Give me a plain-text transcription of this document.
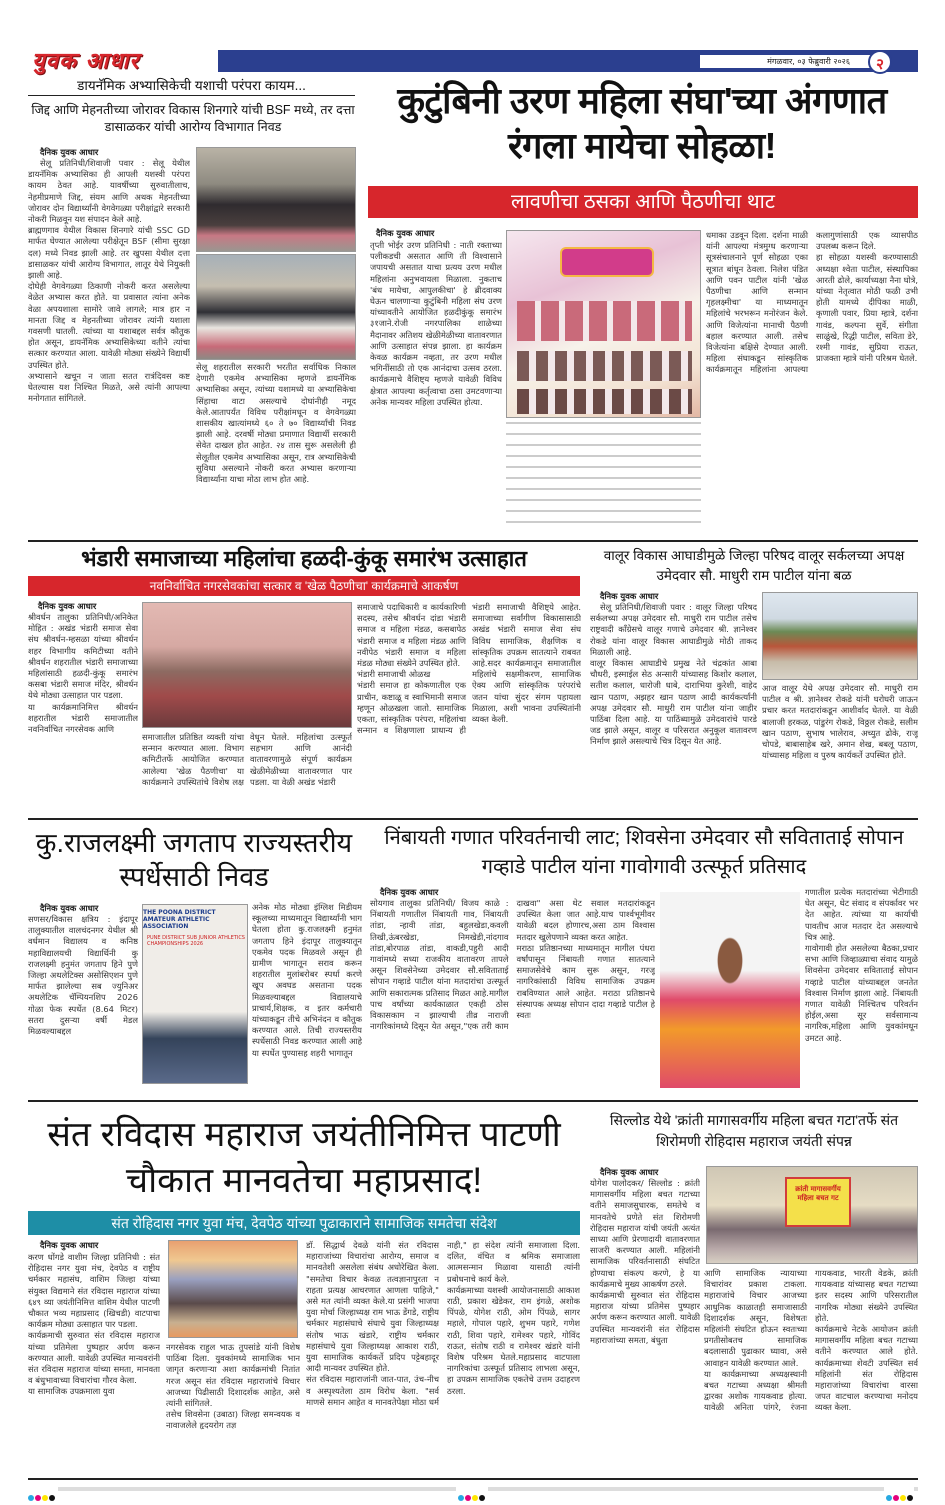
युवक आधार	मंगळवार, ०३ फेब्रुवारी २०२६	२
डायनॅमिक अभ्यासिकेची यशाची परंपरा कायम...
जिद्द आणि मेहनतीच्या जोरावर विकास शिनगारे यांची BSF मध्ये, तर दत्ता डासाळकर यांची आरोग्य विभागात निवड
दैनिक युवक आधार
सेलू प्रतिनिधी/शिवाजी पवार : सेलू येथील डायनॅमिक अभ्यासिका ही आपली यशस्वी परंपरा कायम ठेवत आहे. यावर्षीच्या सुरुवातीलाच, नेहमीप्रमाणे जिद्द, संयम आणि अथक मेहनतीच्या जोरावर दोन विद्यार्थ्यांनी वेगवेगळ्या परीक्षांद्वारे सरकारी नोकरी मिळवून यश संपादन केले आहे.
ब्राह्मणगाव येथील विकास शिनगारे यांची SSC GD मार्फत घेण्यात आलेल्या परीक्षेतून BSF (सीमा सुरक्षा दल) मध्ये निवड झाली आहे. तर खुपसा येथील दत्ता डासाळकर यांची आरोग्य विभागात, लातूर येथे नियुक्ती झाली आहे.
दोघेही वेगवेगळ्या ठिकाणी नोकरी करत असलेल्या वेळेत अभ्यास करत होते. या प्रवासात त्यांना अनेक वेळा अपयशाला सामोरे जावे लागले; मात्र हार न मानता जिद्द व मेहनतीच्या जोरावर त्यांनी यशाला गवसणी घातली. त्यांच्या या यशाबद्दल सर्वत्र कौतुक होत असून, डायनॅमिक अभ्यासिकेच्या वतीने त्यांचा सत्कार करण्यात आला. यावेळी मोठ्या संख्येने विद्यार्थी उपस्थित होते.
अभ्यासाने खचून न जाता सतत रात्रंदिवस कष्ट घेतल्यास यश निश्चित मिळते, असे त्यांनी आपल्या मनोगतात सांगितले.
सेलू शहरातील सरकारी भरतीत सर्वाधिक निकाल देणारी एकमेव अभ्यासिका म्हणजे डायनॅमिक अभ्यासिका असून, त्यांच्या यशामध्ये या अभ्यासिकेचा सिंहाचा वाटा असल्याचे दोघांनीही नमूद केले.आतापर्यंत विविध परीक्षांमधून व वेगवेगळ्या शासकीय खात्यांमध्ये ६० ते ७० विद्यार्थ्यांची निवड झाली आहे. दरवर्षी मोठ्या प्रमाणात विद्यार्थी सरकारी सेवेत दाखल होत आहेत. २४ तास सुरू असलेली ही सेलूतील एकमेव अभ्यासिका असून, रात्र अभ्यासिकेची सुविधा असल्याने नोकरी करत अभ्यास करणाऱ्या विद्यार्थ्यांना याचा मोठा लाभ होत आहे.
कुटुंबिनी उरण महिला संघा'च्या अंगणात रंगला मायेचा सोहळा!
लावणीचा ठसका आणि पैठणीचा थाट
दैनिक युवक आधार
तृप्ती भोईर उरण प्रतिनिधी : नाती रक्ताच्या पलीकडची असतात आणि ती विश्वासाने जपायची असतात याचा प्रत्यय उरण मधील महिलांना अनुभवायला मिळाला. नुकताच 'बंध मायेचा, आपुलकीचा' हे ब्रीदवाक्य घेऊन चालणाऱ्या कुटुंबिनी महिला संघ उरण यांच्यावतीने आयोजित हळदीकुंकू समारंभ ३१जाने.रोजी नगरपालिका शाळेच्या मैदानावर अतिशय खेळीमेळीच्या वातावरणात आणि उत्साहात संपन्न झाला. हा कार्यक्रम केवळ कार्यक्रम नव्हता, तर उरण मधील भगिनींसाठी तो एक आनंदाचा उत्सव ठरला. कार्यक्रमाचे वैशिष्ट्य म्हणजे यावेळी विविध क्षेत्रात आपल्या कर्तृत्वाचा ठसा उमटवणाऱ्या अनेक मान्यवर महिला उपस्थित होत्या.
धमाका उडवून दिला. दर्शना माळी यांनी आपल्या मंत्रमुग्ध करणाऱ्या सूत्रसंचालनाने पूर्ण सोहळा एका सूत्रात बांधून ठेवला. निलेश पंडित आणि पवन पाटील यांनी 'खेळ पैठणीचा आणि सन्मान गृहलक्ष्मीचा' या माध्यमातून महिलांचे भरभरून मनोरंजन केले. आणि विजेत्यांना मानाची पैठणी बहाल करण्यात आली. तसेच विजेत्यांना बक्षिसे देण्यात आली. महिला संघाकडून सांस्कृतिक कार्यक्रमातून महिलांना आपल्या कलागुणांसाठी एक व्यासपीठ उपलब्ध करून दिले.
हा सोहळा यशस्वी करण्यासाठी अध्यक्षा श्वेता पाटील, संस्थापिका आरती ढोले, कार्याध्यक्षा नैना घोत्रे, यांच्या नेतृत्वात मोठी फळी उभी होती यामध्ये दीपिका माळी, कृणाली पवार, प्रिया म्हात्रे, दर्शना गावंड, कल्पना सुर्वे, संगीता साळुंखे, रिद्धी पाटील, सविता डेरे, रश्मी गावंड, सुप्रिया राऊत, प्राजक्ता म्हात्रे यांनी परिश्रम घेतले.
भंडारी समाजाच्या महिलांचा हळदी-कुंकू समारंभ उत्साहात
नवनिर्वाचित नगरसेवकांचा सत्कार व 'खेळ पैठणीचा' कार्यक्रमाचे आकर्षण
दैनिक युवक आधार
श्रीवर्धन तालुका प्रतिनिधी/अनिकेत मोहित : अखंड भंडारी समाज सेवा संघ श्रीवर्धन-म्हसळा यांच्या श्रीवर्धन शहर विभागीय कमिटीच्या वतीने श्रीवर्धन शहरातील भंडारी समाजाच्या महिलांसाठी हळदी-कुंकू समारंभ कसबा भंडारी समाज मंदिर, श्रीवर्धन येथे मोठ्या उत्साहात पार पडला.
या कार्यक्रमानिमित्त श्रीवर्धन शहरातील भंडारी समाजातील नवनिर्वाचित नगरसेवक आणि
समाजातील प्रतिष्ठित व्यक्ती यांचा सन्मान करण्यात आला. विभाग कमिटीतर्फे आयोजित करण्यात आलेल्या 'खेळ पैठणीचा' या कार्यक्रमाने उपस्थितांचे विशेष लक्ष वेधून घेतले. महिलांचा उत्स्फूर्त सहभाग आणि आनंदी वातावरणामुळे संपूर्ण कार्यक्रम खेळीमेळीच्या वातावरणात पार पडला. या वेळी अखंड भंडारी
समाजाचे पदाधिकारी व कार्यकारिणी सदस्य, तसेच श्रीवर्धन दांडा भंडारी समाज व महिला मंडळ, कसबापेठ भंडारी समाज व महिला मंडळ आणि नवीपेठ भंडारी समाज व महिला मंडळ मोठ्या संख्येने उपस्थित होते.
भंडारी समाजाची ओळख
भंडारी समाज हा कोकणातील एक प्राचीन, कष्टाळू व स्वाभिमानी समाज म्हणून ओळखला जातो. सामाजिक एकता, सांस्कृतिक परंपरा, महिलांचा सन्मान व शिक्षणाला प्राधान्य ही भंडारी समाजाची वैशिष्ट्ये आहेत. समाजाच्या सर्वांगीण विकासासाठी अखंड भंडारी समाज सेवा संघ विविध सामाजिक, शैक्षणिक व सांस्कृतिक उपक्रम सातत्याने राबवत आहे.सदर कार्यक्रमातून समाजातील महिलांचे सक्षमीकरण, सामाजिक ऐक्य आणि सांस्कृतिक परंपरांचे जतन यांचा सुंदर संगम पहायला मिळाला, अशी भावना उपस्थितांनी व्यक्त केली.
वालूर विकास आघाडीमुळे जिल्हा परिषद वालूर सर्कलच्या अपक्ष उमेदवार सौ. माधुरी राम पाटील यांना बळ
दैनिक युवक आधार
सेलू प्रतिनिधी/शिवाजी पवार : वालूर जिल्हा परिषद सर्कलच्या अपक्ष उमेदवार सौ. माधुरी राम पाटील तसेच राष्ट्रवादी काँग्रेसचे वालूर गणाचे उमेदवार श्री. ज्ञानेश्वर रोकडे यांना वालूर विकास आघाडीमुळे मोठी ताकद मिळाली आहे.
वालूर विकास आघाडीचे प्रमुख नेते चंद्रकांत आबा चौधरी, इस्माईल सेठ अन्सारी यांच्यासह किशोर कलाल, सतीश कलाल, धारोजी धाबे, दाराभिया कुरेशी, वाहेद खान पठाण, अझहर खान पठाण आदी कार्यकर्त्यांनी अपक्ष उमेदवार सौ. माधुरी राम पाटील यांना जाहीर पाठिंबा दिला आहे. या पाठिंब्यामुळे उमेदवारांचे पारडे जड झाले असून, वालूर व परिसरात अनुकूल वातावरण निर्माण झाले असल्याचे चित्र दिसून येत आहे.
आज वालूर येथे अपक्ष उमेदवार सौ. माधुरी राम पाटील व श्री. ज्ञानेश्वर रोकडे यांनी घरोघरी जाऊन प्रचार करत मतदारांकडून आशीर्वाद घेतले. या वेळी बालाजी हरकळ, पांडुरंग रोकडे, विठ्ठल रोकडे, सलीम खान पठाण, सुभाष भालेराव, अच्युत ढोके, राजू चोपडे, बाबासाहेब खरे, अमान शेख, बबलू पठाण, यांच्यासह महिला व पुरुष कार्यकर्ते उपस्थित होते.
कु.राजलक्ष्मी जगताप राज्यस्तरीय स्पर्धेसाठी निवड
दैनिक युवक आधार
सणसर/विकास क्षत्रिय : इंदापूर तालुक्यातील वालचंदनगर येथील श्री वर्धमान विद्यालय व कनिष्ठ महाविद्यालयची विद्यार्थिनी कु राजलक्ष्मी हनुमंत जगताप हिने पुणे जिल्हा अथलेटिक्स असोसिएशन पुणे मार्फत झालेल्या सब ज्युनिअर अथलेटिक चॅम्पियनशिप 2026 गोळा फेक स्पर्धेत (8.64 मिटर) सतरा दुसऱ्या वर्षी मेडल मिळवल्याबद्दल
THE POONA DISTRICT AMATEUR ATHLETIC ASSOCIATION
PUNE DISTRICT SUB JUNIOR ATHLETICS CHAMPIONSHIPS 2026
अनेक मोठ मोठ्या इंग्लिश मिडीयम स्कूलच्या माध्यमातून विद्यार्थ्यांनी भाग घेतला होता कु.राजलक्ष्मी हनुमंत जगताप हिने इंदापूर तालुक्यातून एकमेव पदक मिळवले असून ही ग्रामीण भागातून सराव करून शहरातील मुलांबरोबर स्पर्धा करणे खूप अवघड असताना पदक मिळवल्याबद्दल विद्यालयाचे प्राचार्य,शिक्षक, व इतर कर्मचारी यांच्याकडून तीचे अभिनंदन व कौतुक करण्यात आले. तिची राज्यस्तरीय स्पर्धेसाठी निवड करण्यात आली आहे या स्पर्धेत पुण्यासह शहरी भागातून
निंबायती गणात परिवर्तनाची लाट; शिवसेना उमेदवार सौ सविताताई सोपान गव्हाडे पाटील यांना गावोगावी उत्स्फूर्त प्रतिसाद
दैनिक युवक आधार
सोयगाव तालुका प्रतिनिधी/ विजय काळे : निंबायती गणातील निंबायती गाव, निंबायती तांडा, न्हावी तांडा, बहुलखेडा,कवली तिखी,ऊंबरखेडा, निमखेडी,नांदगाव तांडा,बोरपाळ तांडा, वाकडी,पहुरी आदी गावांमध्ये सध्या राजकीय वातावरण तापले असून शिवसेनेच्या उमेदवार सौ.सविताताई सोपान गव्हाडे पाटील यांना मतदारांचा उत्स्फूर्त आणि सकारात्मक प्रतिसाद मिळत आहे.मागील पाच वर्षांच्या कार्यकाळात एकही ठोस विकासकाम न झाल्याची तीव्र नाराजी नागरिकांमध्ये दिसून येत असून,"एक तरी काम दाखवा" असा थेट सवाल मतदारांकडून उपस्थित केला जात आहे.याच पार्श्वभूमीवर यावेळी बदल होणारच,असा ठाम विश्वास मतदार खुलेपणाने व्यक्त करत आहेत.
मराठा प्रतिष्ठानच्या माध्यमातून मागील पंधरा वर्षांपासून निंबायती गणात सातत्याने समाजसेवेचे काम सुरू असून, गरजू नागरिकांसाठी विविध सामाजिक उपक्रम राबविण्यात आले आहेत. मराठा प्रतिष्ठानचे संस्थापक अध्यक्ष सोपान दादा गव्हाडे पाटील हे स्वतः
गणातील प्रत्येक मतदारांच्या भेटीगाठी घेत असून, थेट संवाद व संपर्कावर भर देत आहेत. त्यांच्या या कार्याची पावतीच आज मतदार देत असल्याचे चित्र आहे.
गावोगावी होत असलेल्या बैठका,प्रचार सभा आणि जिव्हाळ्याचा संवाद यामुळे शिवसेना उमेदवार सविताताई सोपान गव्हाडे पाटील यांच्याबद्दल जनतेत विश्वास निर्माण झाला आहे. निंबायती गणात यावेळी निश्चितच परिवर्तन होईल,असा सूर सर्वसामान्य नागरिक,महिला आणि युवकांमधून उमटत आहे.
संत रविदास महाराज जयंतीनिमित्त पाटणी चौकात मानवतेचा महाप्रसाद!
संत रोहिदास नगर युवा मंच, देवपेठ यांच्या पुढाकाराने सामाजिक समतेचा संदेश
दैनिक युवक आधार
करण धोंगडे वाशीम जिल्हा प्रतिनिधी : संत रोहिदास नगर युवा मंच, देवपेठ व राष्ट्रीय चर्मकार महासंघ, वाशिम जिल्हा यांच्या संयुक्त विद्यमाने संत रविदास महाराज यांच्या ६४९ व्या जयंतीनिमित्त वाशिम येथील पाटणी चौकात भव्य महाप्रसाद (खिचडी) वाटपाचा कार्यक्रम मोठ्या उत्साहात पार पडला.
कार्यक्रमाची सुरुवात संत रविदास महाराज यांच्या प्रतिमेला पुष्पहार अर्पण करून करण्यात आली. यावेळी उपस्थित मान्यवरांनी संत रविदास महाराज यांच्या समता, मानवता व बंधुभावाच्या विचारांचा गौरव केला.
या सामाजिक उपक्रमाला युवा
नगरसेवक राहुल भाऊ तुपसांडे यांनी विशेष पाठिंबा दिला. युवकांमध्ये सामाजिक भान जागृत करणाऱ्या अशा कार्यक्रमांची नितांत गरज असून संत रविदास महाराजांचे विचार आजच्या पिढीसाठी दिशादर्शक आहेत, असे त्यांनी सांगितले.
तसेच शिवसेना (उबाठा) जिल्हा समन्वयक व नावाजलेले हृदयरोग तज्ञ
डॉ. सिद्धार्थ देवळे यांनी संत रविदास महाराजांच्या विचारांचा आरोग्य, समाज व मानवतेशी असलेला संबंध अधोरेखित केला. "समतेचा विचार केवळ तत्वज्ञानापुरता न राहता प्रत्यक्ष आचरणात आणला पाहिजे," असे मत त्यांनी व्यक्त केले.या प्रसंगी भाजपा युवा मोर्चा जिल्हाध्यक्ष राम भाऊ डेंगडे, राष्ट्रीय चर्मकार महासंघाचे संघाचे युवा जिल्हाध्यक्ष संतोष भाऊ खंडारे, राष्ट्रीय चर्मकार महासंघाचे युवा जिल्हाध्यक्ष आकाश राठी, युवा सामाजिक कार्यकर्ते प्रदिप पट्टेबहादूर आदी मान्यवर उपस्थित होते.
संत रविदास महाराजांनी जात-पात, उंच-नीच व अस्पृश्यतेला ठाम विरोध केला. "सर्व माणसे समान आहेत व मानवतेपेक्षा मोठा धर्म नाही," हा संदेश त्यांनी समाजाला दिला. दलित, वंचित व श्रमिक समाजाला आत्मसन्मान मिळावा यासाठी त्यांनी प्रबोधनाचे कार्य केले.
कार्यक्रमाच्या यशस्वी आयोजनासाठी आकाश राठी, प्रकाश खेडेकर, राम इंगळे, अशोक पिंपळे, योगेश राठी, ओम पिंपळे, सागर महाले, गोपाल पहारे, शुभम पहारे, गणेश राठी, शिवा पहारे, रामेश्वर पहारे, गोविंद राऊत, संतोष राठी व रामेश्वर खंडारे यांनी विशेष परिश्रम घेतले.महाप्रसाद वाटपाला नागरिकांचा उत्स्फूर्त प्रतिसाद लाभला असून, हा उपक्रम सामाजिक एकतेचे उत्तम उदाहरण ठरला.
सिल्लोड येथे 'क्रांती मागासवर्गीय महिला बचत गटा'तर्फे संत शिरोमणी रोहिदास महाराज जयंती संपन्न
दैनिक युवक आधार
योगेश पालोदकर/ सिल्लोड : क्रांती मागासवर्गीय महिला बचत गटाच्या वतीने समाजसुधारक, समतेचे व मानवतेचे प्रणेते संत शिरोमणी रोहिदास महाराज यांची जयंती अत्यंत साध्या आणि प्रेरणादायी वातावरणात साजरी करण्यात आली. महिलांनी सामाजिक परिवर्तनासाठी संघटित होण्याचा संकल्प करणे, हे या कार्यक्रमाचे मुख्य आकर्षण ठरले.
कार्यक्रमाची सुरुवात संत रोहिदास महाराज यांच्या प्रतिमेस पुष्पहार अर्पण करून करण्यात आली. यावेळी उपस्थित मान्यवरांनी संत रोहिदास महाराजांच्या समता, बंधुता
क्रांती मागासवर्गीय महिला बचत गट
आणि सामाजिक न्यायाच्या विचारांवर प्रकाश टाकला. महाराजांचे विचार आजच्या आधुनिक काळातही समाजासाठी दिशादर्शक असून, विशेषतः महिलांनी संघटित होऊन स्वतःच्या प्रगतीसोबतच सामाजिक बदलासाठी पुढाकार घ्यावा, असे आवाहन यावेळी करण्यात आले.
या कार्यक्रमाच्या अध्यक्षस्थानी बचत गटाच्या अध्यक्षा श्रीमती द्वारका अशोक गायकवाड होत्या. यावेळी अनिता पांगरे, रंजना गायकवाड, भारती वेडके, क्रांती गायकवाड यांच्यासह बचत गटाच्या इतर सदस्य आणि परिसरातील नागरिक मोठ्या संख्येने उपस्थित होते.
कार्यक्रमाचे नेटके आयोजन क्रांती मागासवर्गीय महिला बचत गटाच्या वतीने करण्यात आले होते. कार्यक्रमाच्या शेवटी उपस्थित सर्व महिलांनी संत रोहिदास महाराजांच्या विचारांचा वारसा जपत वाटचाल करण्याचा मनोदय व्यक्त केला.
